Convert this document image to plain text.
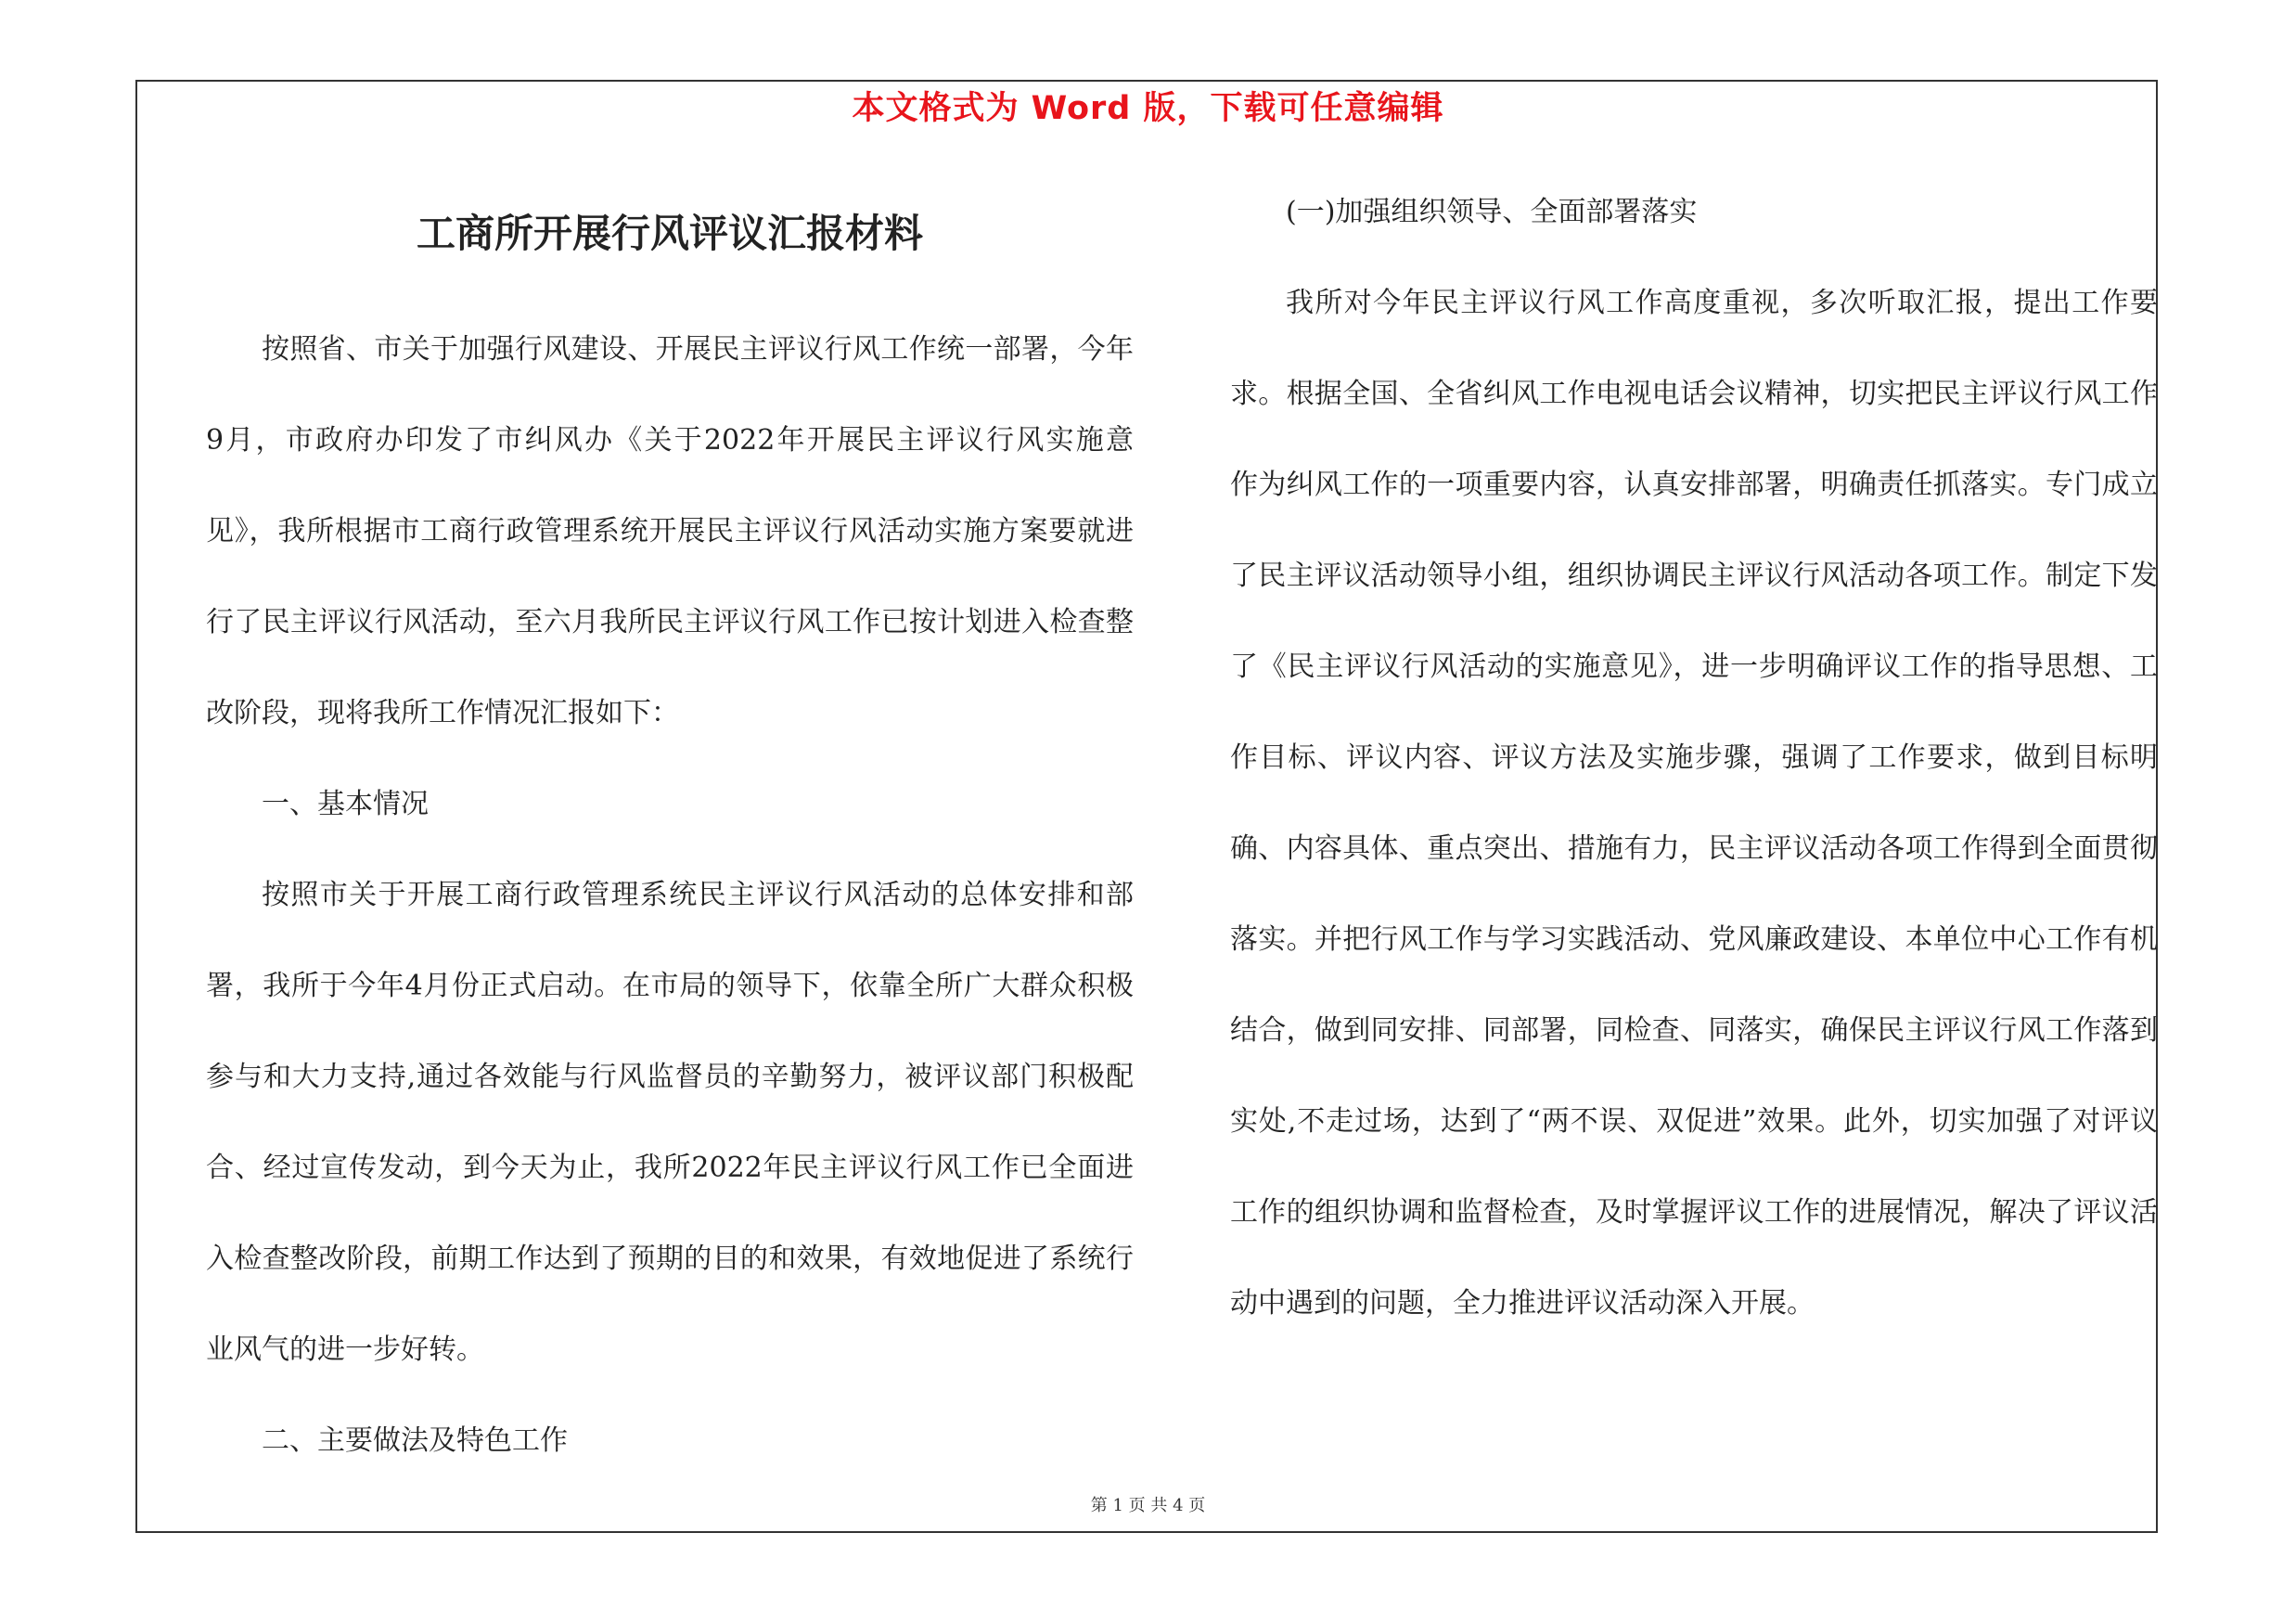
本文格式为 Word 版，下载可任意编辑
工商所开展行风评议汇报材料

按照省、市关于加强行风建设、开展民主评议行风工作统一部署，今年9月，市政府办印发了市纠风办《关于2022年开展民主评议行风实施意见》，我所根据市工商行政管理系统开展民主评议行风活动实施方案要就进行了民主评议行风活动，至六月我所民主评议行风工作已按计划进入检查整改阶段，现将我所工作情况汇报如下：

一、基本情况

按照市关于开展工商行政管理系统民主评议行风活动的总体安排和部署，我所于今年4月份正式启动。在市局的领导下，依靠全所广大群众积极参与和大力支持,通过各效能与行风监督员的辛勤努力，被评议部门积极配合、经过宣传发动，到今天为止，我所2022年民主评议行风工作已全面进入检查整改阶段，前期工作达到了预期的目的和效果，有效地促进了系统行业风气的进一步好转。

二、主要做法及特色工作

(一)加强组织领导、全面部署落实

我所对今年民主评议行风工作高度重视，多次听取汇报，提出工作要求。根据全国、全省纠风工作电视电话会议精神，切实把民主评议行风工作作为纠风工作的一项重要内容，认真安排部署，明确责任抓落实。专门成立了民主评议活动领导小组，组织协调民主评议行风活动各项工作。制定下发了《民主评议行风活动的实施意见》，进一步明确评议工作的指导思想、工作目标、评议内容、评议方法及实施步骤，强调了工作要求，做到目标明确、内容具体、重点突出、措施有力，民主评议活动各项工作得到全面贯彻落实。并把行风工作与学习实践活动、党风廉政建设、本单位中心工作有机结合，做到同安排、同部署，同检查、同落实，确保民主评议行风工作落到实处,不走过场，达到了“两不误、双促进”效果。此外，切实加强了对评议工作的组织协调和监督检查，及时掌握评议工作的进展情况，解决了评议活动中遇到的问题，全力推进评议活动深入开展。

第 1 页 共 4 页
